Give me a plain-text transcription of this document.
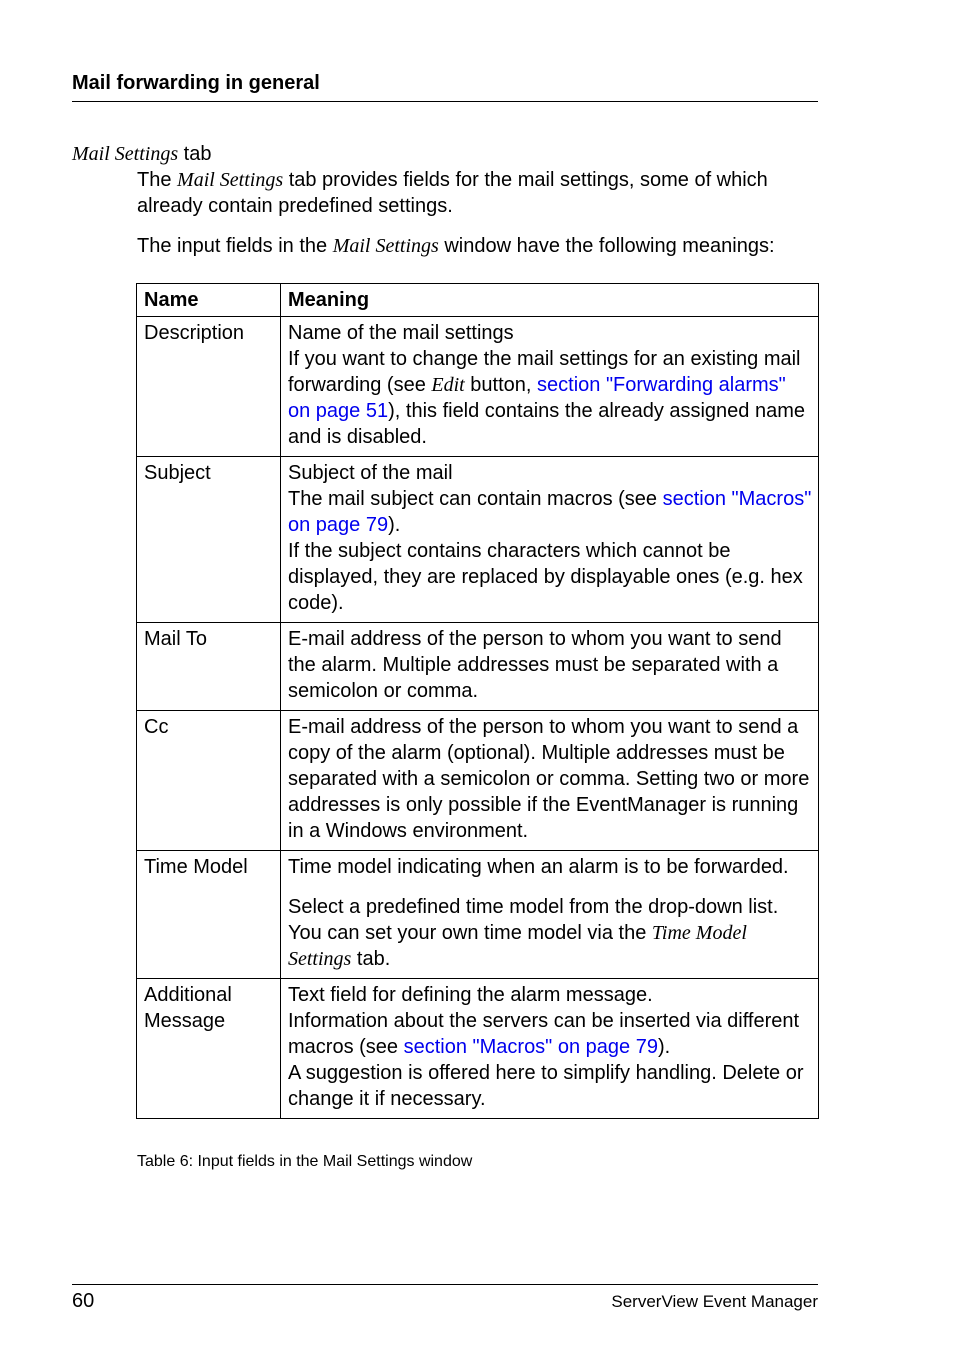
Mail forwarding in general
Mail Settings tab
The Mail Settings tab provides fields for the mail settings, some of which already contain predefined settings.
The input fields in the Mail Settings window have the following meanings:
Name	Meaning
Description	Name of the mail settings
If you want to change the mail settings for an existing mail forwarding (see Edit button, section "Forwarding alarms" on page 51), this field contains the already assigned name and is disabled.

Subject	Subject of the mail
The mail subject can contain macros (see section "Macros" on page 79).
If the subject contains characters which cannot be displayed, they are replaced by displayable ones (e.g. hex code).

Mail To	E-mail address of the person to whom you want to send the alarm. Multiple addresses must be separated with a semicolon or comma.
Cc	E-mail address of the person to whom you want to send a copy of the alarm (optional). Multiple addresses must be separated with a semicolon or comma. Setting two or more addresses is only possible if the EventManager is running in a Windows environment.
Time Model	Time model indicating when an alarm is to be forwarded.
Select a predefined time model from the drop-down list. You can set your own time model via the Time Model Settings tab.

Additional Message	Text field for defining the alarm message.
Information about the servers can be inserted via different macros (see section "Macros" on page 79).
A suggestion is offered here to simplify handling. Delete or change it if necessary.
Table 6: Input fields in the Mail Settings window
60	ServerView Event Manager
